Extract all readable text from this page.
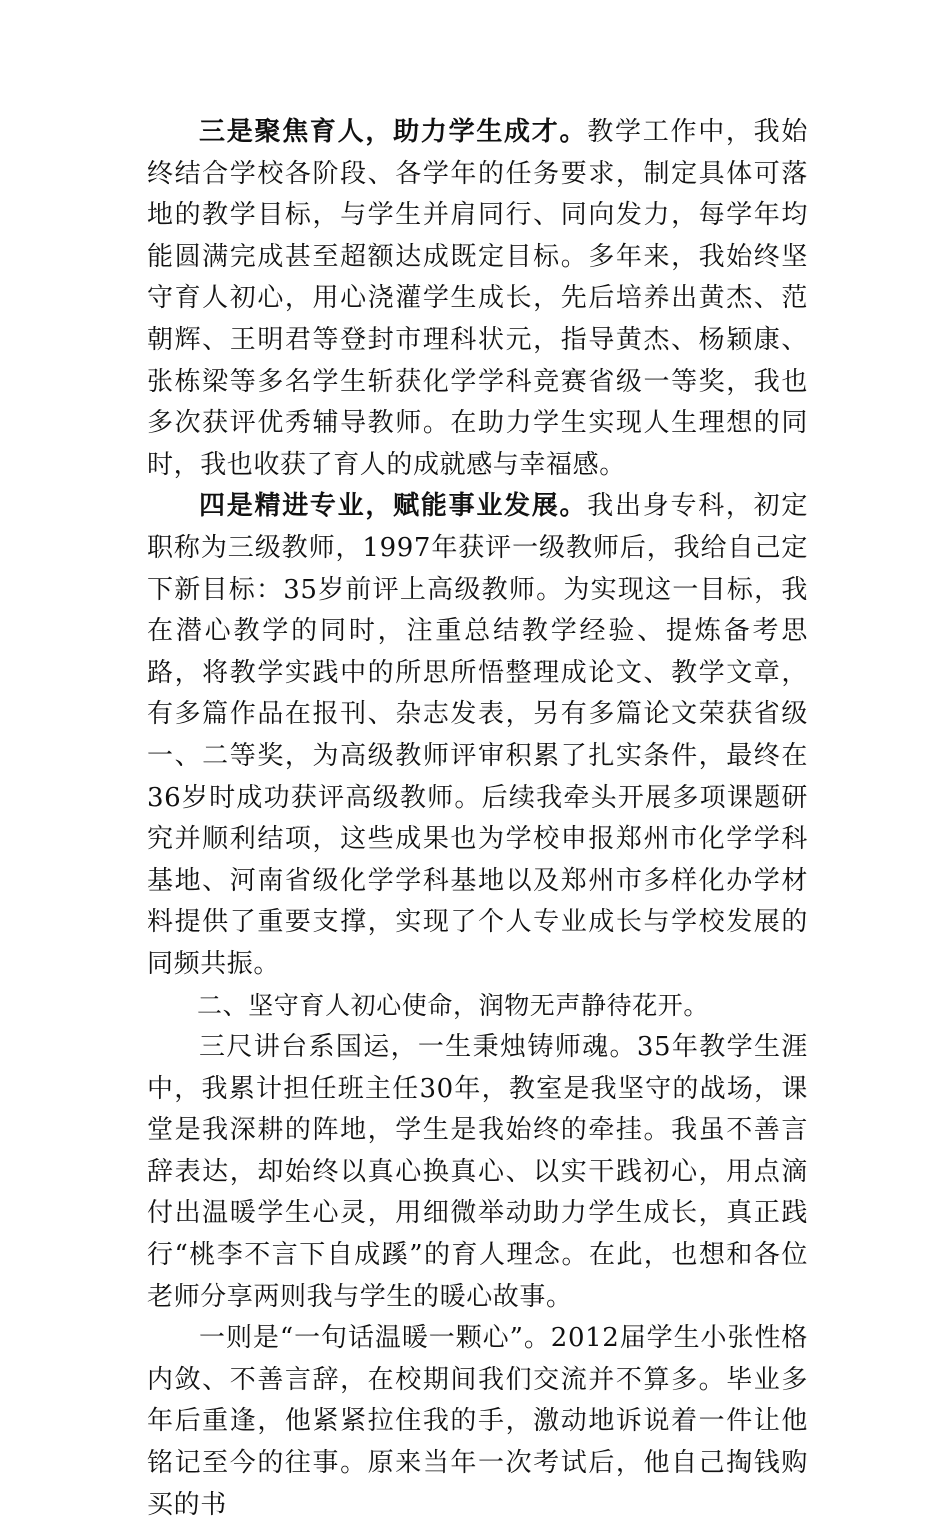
三是聚焦育人，助力学生成才。教学工作中，我始终结合学校各阶段、各学年的任务要求，制定具体可落地的教学目标，与学生并肩同行、同向发力，每学年均能圆满完成甚至超额达成既定目标。多年来，我始终坚守育人初心，用心浇灌学生成长，先后培养出黄杰、范朝辉、王明君等登封市理科状元，指导黄杰、杨颖康、张栋梁等多名学生斩获化学学科竞赛省级一等奖，我也多次获评优秀辅导教师。在助力学生实现人生理想的同时，我也收获了育人的成就感与幸福感。

四是精进专业，赋能事业发展。我出身专科，初定职称为三级教师，1997年获评一级教师后，我给自己定下新目标：35岁前评上高级教师。为实现这一目标，我在潜心教学的同时，注重总结教学经验、提炼备考思路，将教学实践中的所思所悟整理成论文、教学文章，有多篇作品在报刊、杂志发表，另有多篇论文荣获省级一、二等奖，为高级教师评审积累了扎实条件，最终在36岁时成功获评高级教师。后续我牵头开展多项课题研究并顺利结项，这些成果也为学校申报郑州市化学学科基地、河南省级化学学科基地以及郑州市多样化办学材料提供了重要支撑，实现了个人专业成长与学校发展的同频共振。

二、坚守育人初心使命，润物无声静待花开。

三尺讲台系国运，一生秉烛铸师魂。35年教学生涯中，我累计担任班主任30年，教室是我坚守的战场，课堂是我深耕的阵地，学生是我始终的牵挂。我虽不善言辞表达，却始终以真心换真心、以实干践初心，用点滴付出温暖学生心灵，用细微举动助力学生成长，真正践行“桃李不言下自成蹊”的育人理念。在此，也想和各位老师分享两则我与学生的暖心故事。

一则是“一句话温暖一颗心”。2012届学生小张性格内敛、不善言辞，在校期间我们交流并不算多。毕业多年后重逢，他紧紧拉住我的手，激动地诉说着一件让他铭记至今的往事。原来当年一次考试后，他自己掏钱购买的书
